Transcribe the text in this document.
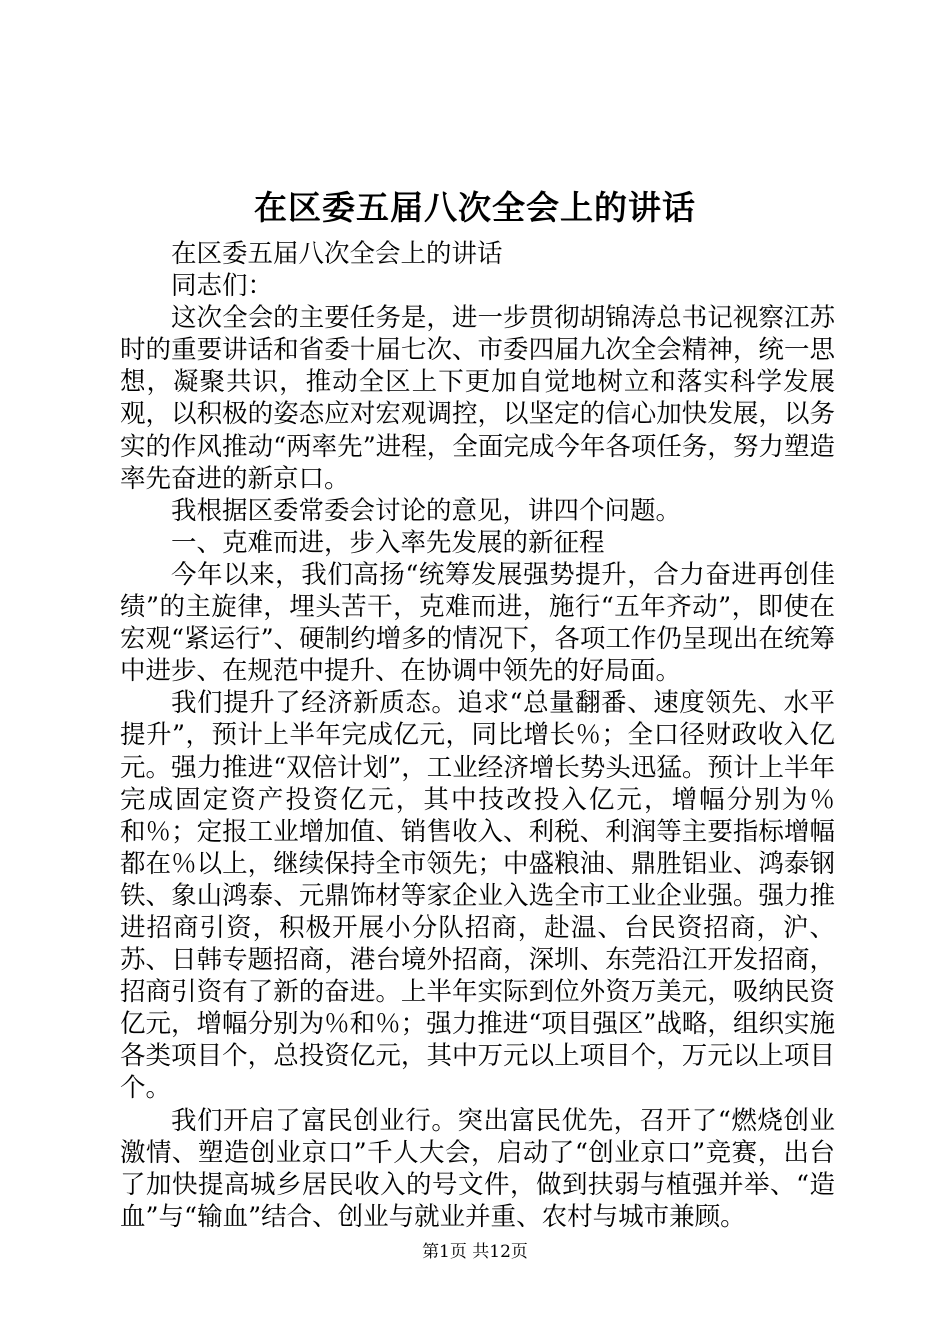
在区委五届八次全会上的讲话

在区委五届八次全会上的讲话

同志们：

这次全会的主要任务是，进一步贯彻胡锦涛总书记视察江苏时的重要讲话和省委十届七次、市委四届九次全会精神，统一思想，凝聚共识，推动全区上下更加自觉地树立和落实科学发展观，以积极的姿态应对宏观调控，以坚定的信心加快发展，以务实的作风推动“两率先”进程，全面完成今年各项任务，努力塑造率先奋进的新京口。

我根据区委常委会讨论的意见，讲四个问题。

一、克难而进，步入率先发展的新征程

今年以来，我们高扬“统筹发展强势提升，合力奋进再创佳绩”的主旋律，埋头苦干，克难而进，施行“五年齐动”，即使在宏观“紧运行”、硬制约增多的情况下，各项工作仍呈现出在统筹中进步、在规范中提升、在协调中领先的好局面。

我们提升了经济新质态。追求“总量翻番、速度领先、水平提升”，预计上半年完成亿元，同比增长％；全口径财政收入亿元。强力推进“双倍计划”，工业经济增长势头迅猛。预计上半年完成固定资产投资亿元，其中技改投入亿元，增幅分别为％和％；定报工业增加值、销售收入、利税、利润等主要指标增幅都在％以上，继续保持全市领先；中盛粮油、鼎胜铝业、鸿泰钢铁、象山鸿泰、元鼎饰材等家企业入选全市工业企业强。强力推进招商引资，积极开展小分队招商，赴温、台民资招商，沪、苏、日韩专题招商，港台境外招商，深圳、东莞沿江开发招商，招商引资有了新的奋进。上半年实际到位外资万美元，吸纳民资亿元，增幅分别为％和％；强力推进“项目强区”战略，组织实施各类项目个，总投资亿元，其中万元以上项目个，万元以上项目个。

我们开启了富民创业行。突出富民优先，召开了“燃烧创业激情、塑造创业京口”千人大会，启动了“创业京口”竞赛，出台了加快提高城乡居民收入的号文件，做到扶弱与植强并举、“造血”与“输血”结合、创业与就业并重、农村与城市兼顾。

第1页 共12页
